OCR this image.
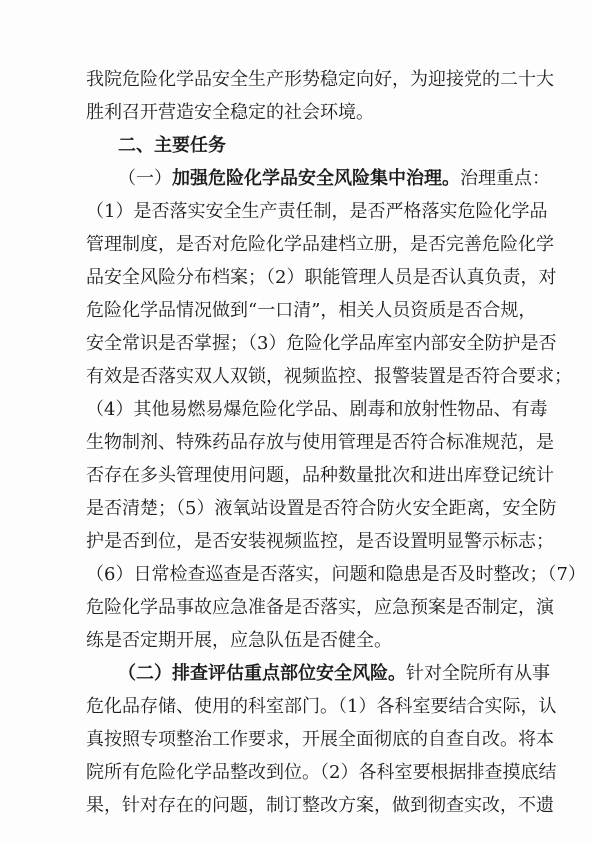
我院危险化学品安全生产形势稳定向好，为迎接党的二十大
胜利召开营造安全稳定的社会环境。
二、主要任务
（一）加强危险化学品安全风险集中治理。治理重点：
（1）是否落实安全生产责任制，是否严格落实危险化学品
管理制度，是否对危险化学品建档立册，是否完善危险化学
品安全风险分布档案；（2）职能管理人员是否认真负责，对
危险化学品情况做到“一口清”，相关人员资质是否合规，
安全常识是否掌握；（3）危险化学品库室内部安全防护是否
有效是否落实双人双锁，视频监控、报警装置是否符合要求；
（4）其他易燃易爆危险化学品、剧毒和放射性物品、有毒
生物制剂、特殊药品存放与使用管理是否符合标准规范，是
否存在多头管理使用问题，品种数量批次和进出库登记统计
是否清楚；（5）液氧站设置是否符合防火安全距离，安全防
护是否到位，是否安装视频监控，是否设置明显警示标志；
（6）日常检查巡查是否落实，问题和隐患是否及时整改；（7）
危险化学品事故应急准备是否落实，应急预案是否制定，演
练是否定期开展，应急队伍是否健全。
（二）排查评估重点部位安全风险。针对全院所有从事
危化品存储、使用的科室部门。（1）各科室要结合实际，认
真按照专项整治工作要求，开展全面彻底的自查自改。将本
院所有危险化学品整改到位。（2）各科室要根据排查摸底结
果，针对存在的问题，制订整改方案，做到彻查实改，不遗
